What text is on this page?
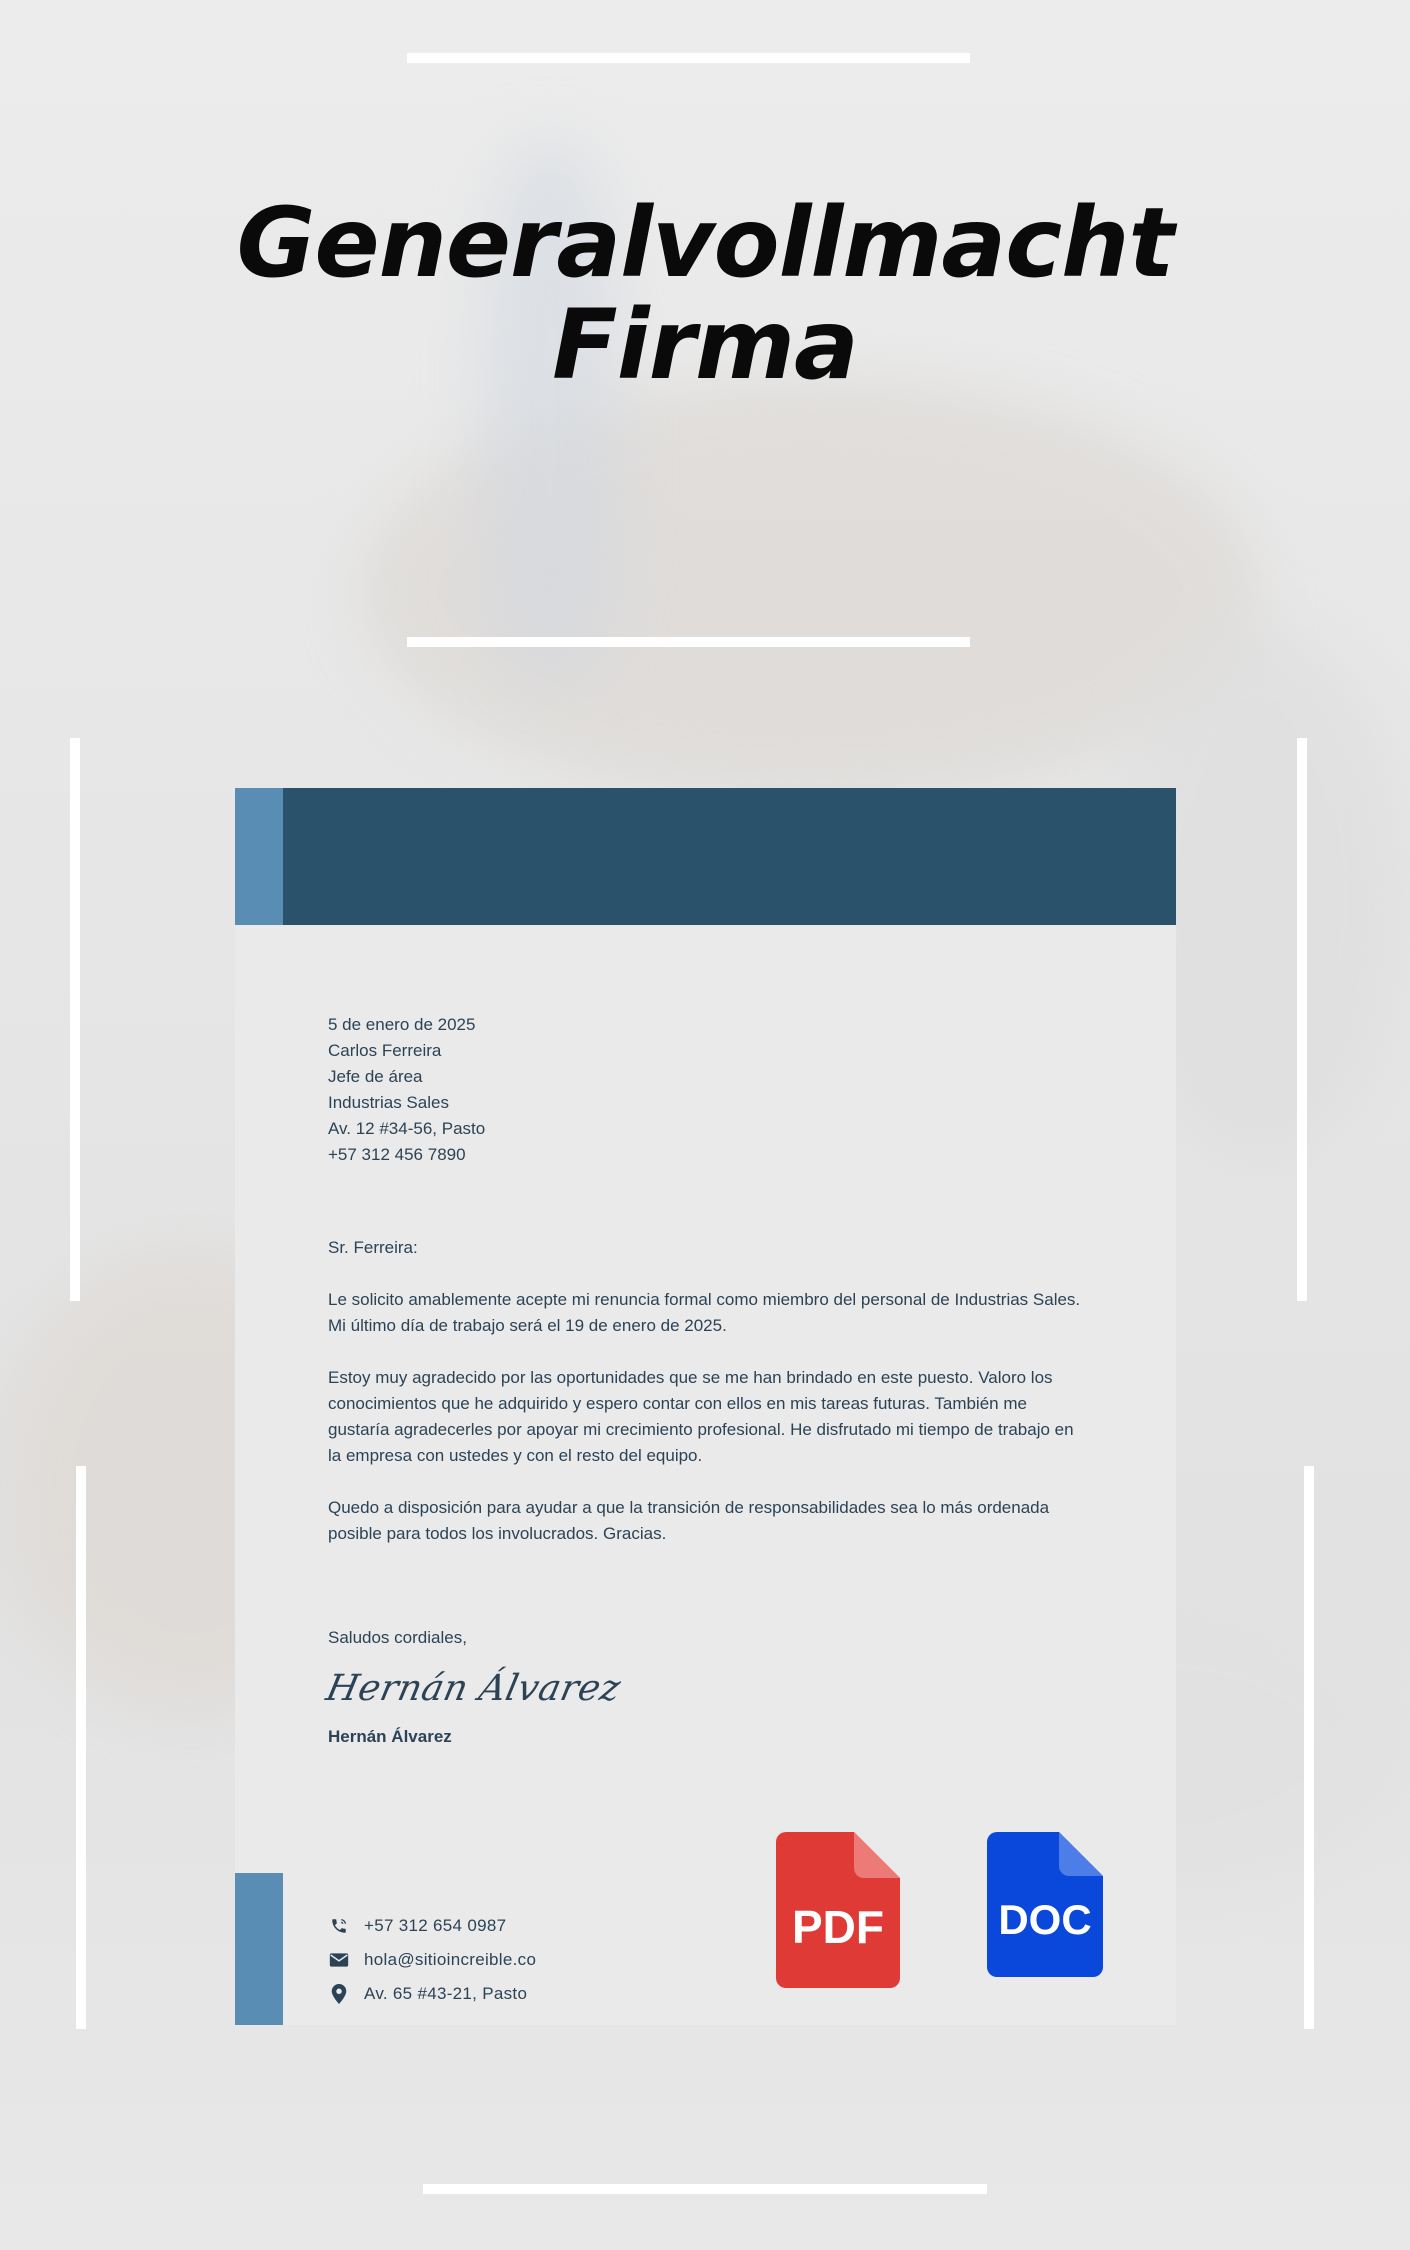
Generalvollmacht
Firma
5 de enero de 2025
Carlos Ferreira
Jefe de área
Industrias Sales
Av. 12 #34-56, Pasto
+57 312 456 7890
Sr. Ferreira:

Le solicito amablemente acepte mi renuncia formal como miembro del personal de Industrias Sales. Mi último día de trabajo será el 19 de enero de 2025.

Estoy muy agradecido por las oportunidades que se me han brindado en este puesto. Valoro los conocimientos que he adquirido y espero contar con ellos en mis tareas futuras. También me gustaría agradecerles por apoyar mi crecimiento profesional. He disfrutado mi tiempo de trabajo en la empresa con ustedes y con el resto del equipo.

Quedo a disposición para ayudar a que la transición de responsabilidades sea lo más ordenada posible para todos los involucrados. Gracias.

Saludos cordiales,
Hernán Álvarez
Hernán Álvarez
+57 312 654 0987
hola@sitioincreible.co
Av. 65 #43-21, Pasto
PDF	DOC
